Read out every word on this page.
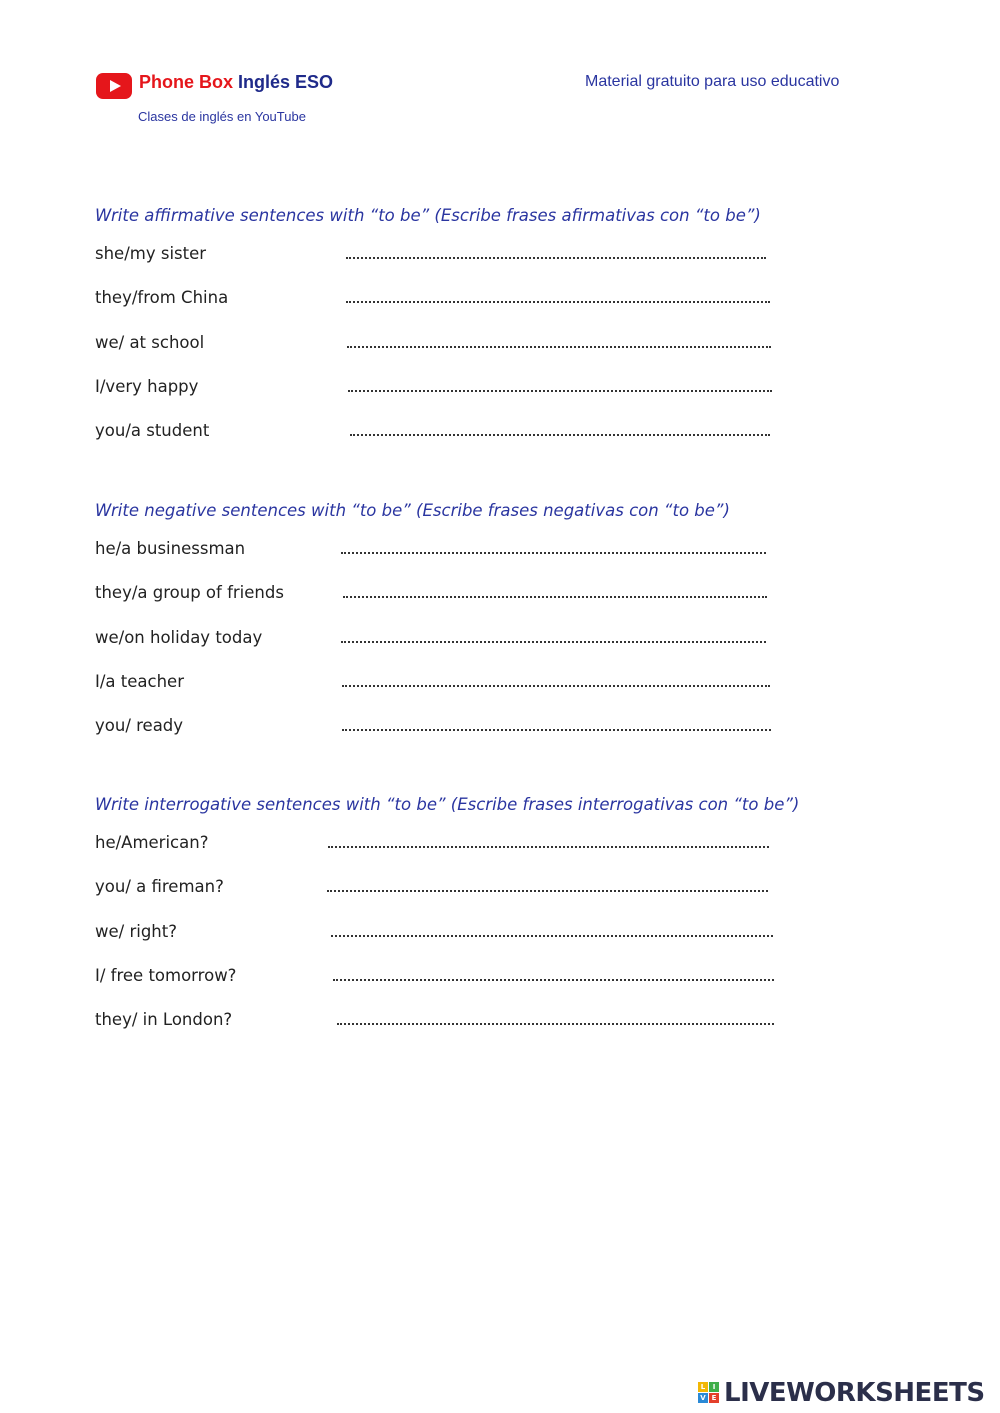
Phone Box Inglés ESO
Clases de inglés en YouTube
Material gratuito para uso educativo
Write affirmative sentences with “to be” (Escribe frases afirmativas con “to be”)
she/my sister
they/from China
we/ at school
I/very happy
you/a student
Write negative sentences with “to be” (Escribe frases negativas con “to be”)
he/a businessman
they/a group of friends
we/on holiday today
I/a teacher
you/ ready
Write interrogative sentences with “to be” (Escribe frases interrogativas con “to be”)
he/American?
you/ a fireman?
we/ right?
I/ free tomorrow?
they/ in London?
L	I
V E LIVEWORKSHEETS
